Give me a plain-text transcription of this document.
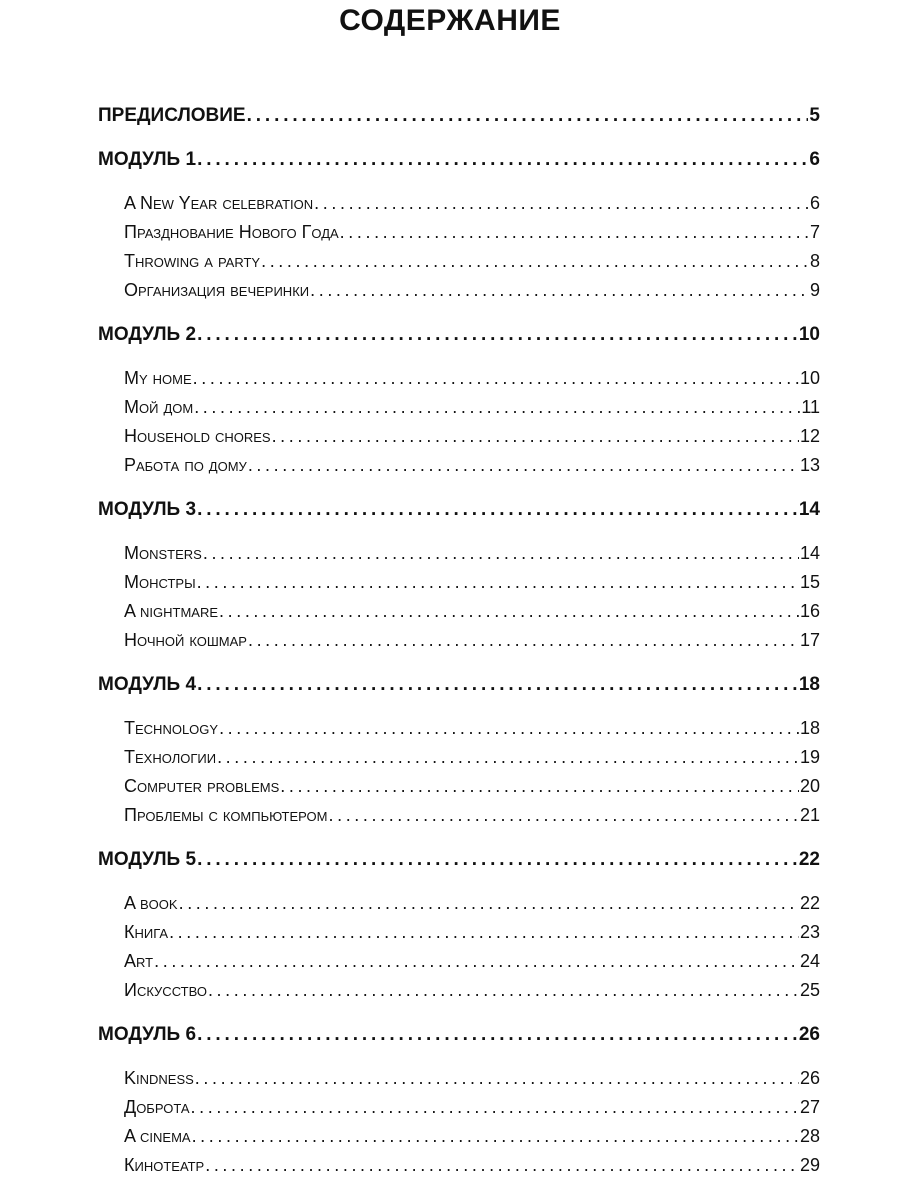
СОДЕРЖАНИЕ
ПРЕДИСЛОВИЕ . . .	5
МОДУЛЬ 1 . . .	6
A New Year celebration . . .	6
Празднование Нового Года . . .	7
Throwing a party . . .	8
Организация вечеринки . . .	9
МОДУЛЬ 2 . . .	10
My home . . .	10
Мой дом . . .	11
Household chores . . .	12
Работа по дому . . .	13
МОДУЛЬ 3 . . .	14
Monsters . . .	14
Монстры . . .	15
A nightmare . . .	16
Ночной кошмар . . .	17
МОДУЛЬ 4 . . .	18
Technology . . .	18
Технологии . . .	19
Computer problems . . .	20
Проблемы с компьютером . . .	21
МОДУЛЬ 5 . . .	22
A book . . .	22
Книга . . .	23
Art . . .	24
Искусство . . .	25
МОДУЛЬ 6 . . .	26
Kindness . . .	26
Доброта . . .	27
A cinema . . .	28
Кинотеатр . . .	29
